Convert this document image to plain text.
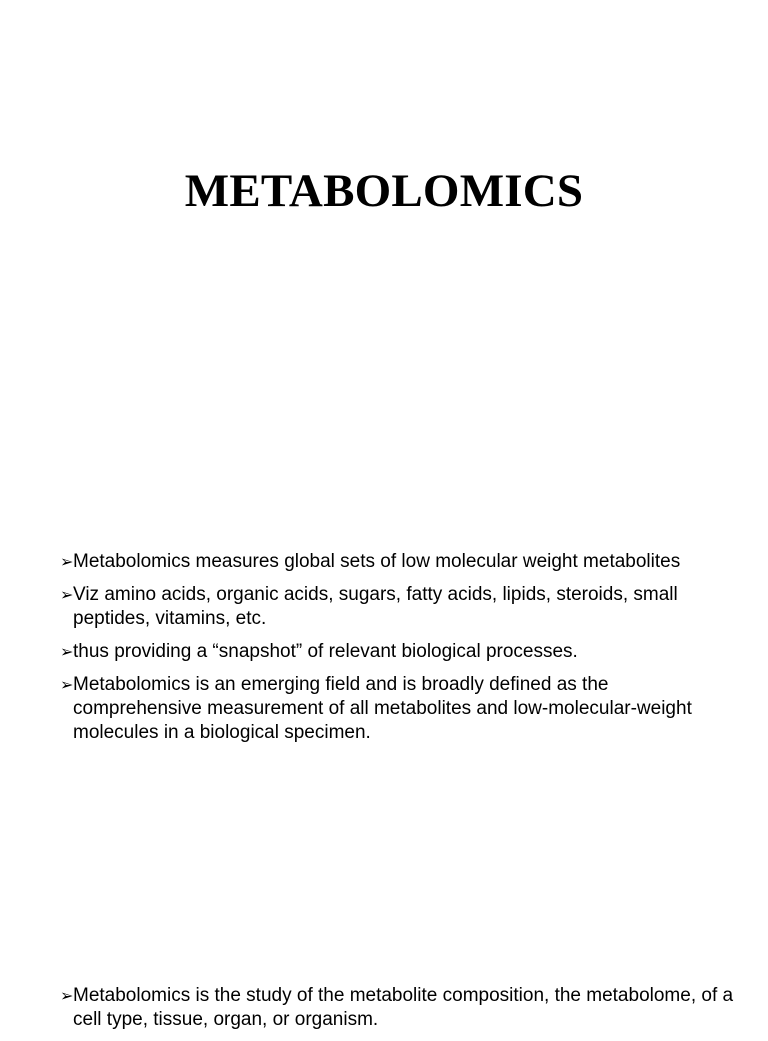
METABOLOMICS
➢ Metabolomics measures global sets of low molecular weight metabolites
➢ Viz amino acids, organic acids, sugars, fatty acids, lipids, steroids, small peptides, vitamins, etc.
➢ thus providing a “snapshot” of relevant biological processes.
➢ Metabolomics is an emerging field and is broadly defined as the comprehensive measurement of all metabolites and low-molecular-weight molecules in a biological specimen.
➢ Metabolomics is the study of the metabolite composition, the metabolome, of a cell type, tissue, organ, or organism.
